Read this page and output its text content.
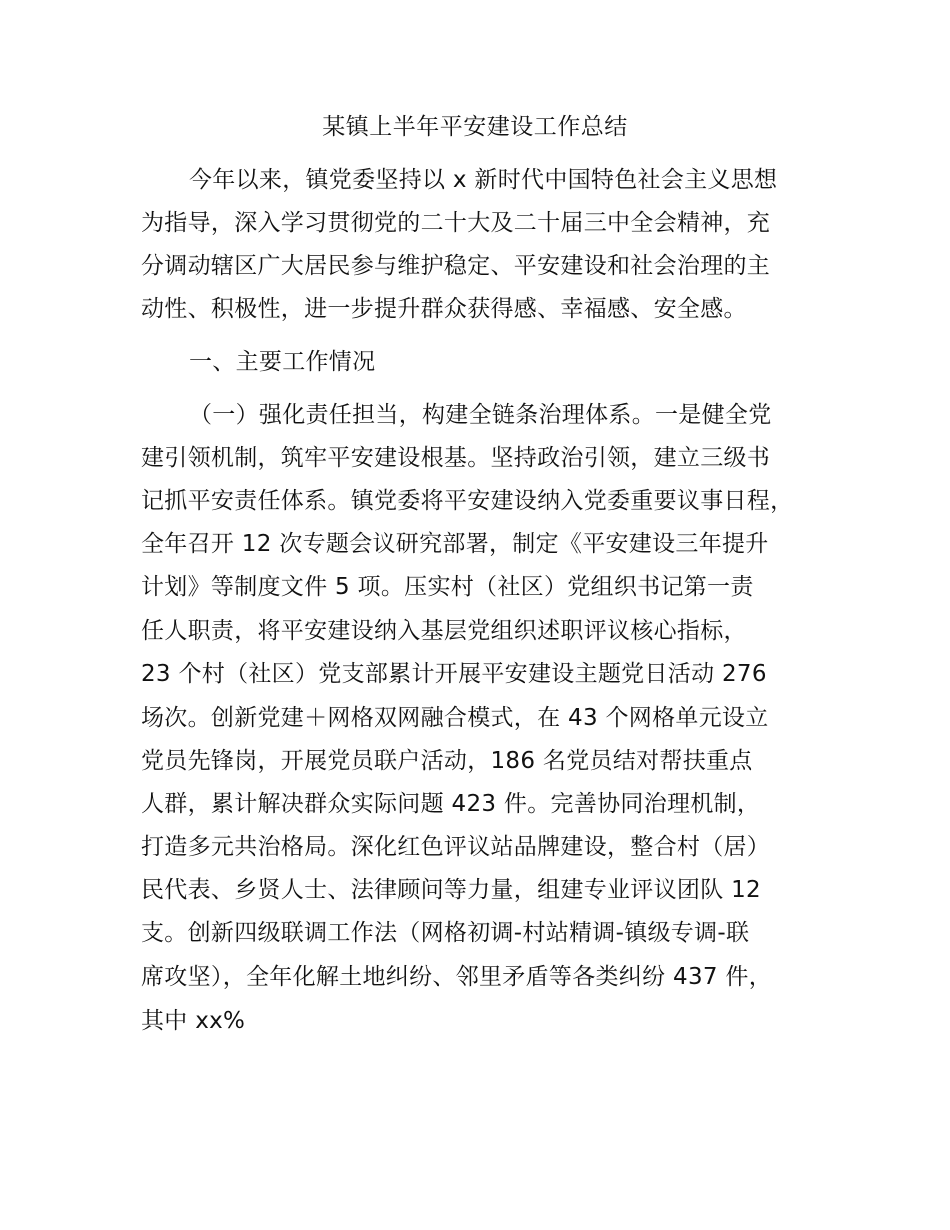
某镇上半年平安建设工作总结
今年以来，镇党委坚持以 x 新时代中国特色社会主义思想
为指导，深入学习贯彻党的二十大及二十届三中全会精神，充
分调动辖区广大居民参与维护稳定、平安建设和社会治理的主
动性、积极性，进一步提升群众获得感、幸福感、安全感。
一、主要工作情况
（一）强化责任担当，构建全链条治理体系。一是健全党
建引领机制，筑牢平安建设根基。坚持政治引领，建立三级书
记抓平安责任体系。镇党委将平安建设纳入党委重要议事日程，
全年召开 12 次专题会议研究部署，制定《平安建设三年提升
计划》等制度文件 5 项。压实村（社区）党组织书记第一责
任人职责，将平安建设纳入基层党组织述职评议核心指标，
23 个村（社区）党支部累计开展平安建设主题党日活动 276
场次。创新党建＋网格双网融合模式，在 43 个网格单元设立
党员先锋岗，开展党员联户活动，186 名党员结对帮扶重点
人群，累计解决群众实际问题 423 件。完善协同治理机制，
打造多元共治格局。深化红色评议站品牌建设，整合村（居）
民代表、乡贤人士、法律顾问等力量，组建专业评议团队 12
支。创新四级联调工作法（网格初调-村站精调-镇级专调-联
席攻坚），全年化解土地纠纷、邻里矛盾等各类纠纷 437 件，
其中 xx%
